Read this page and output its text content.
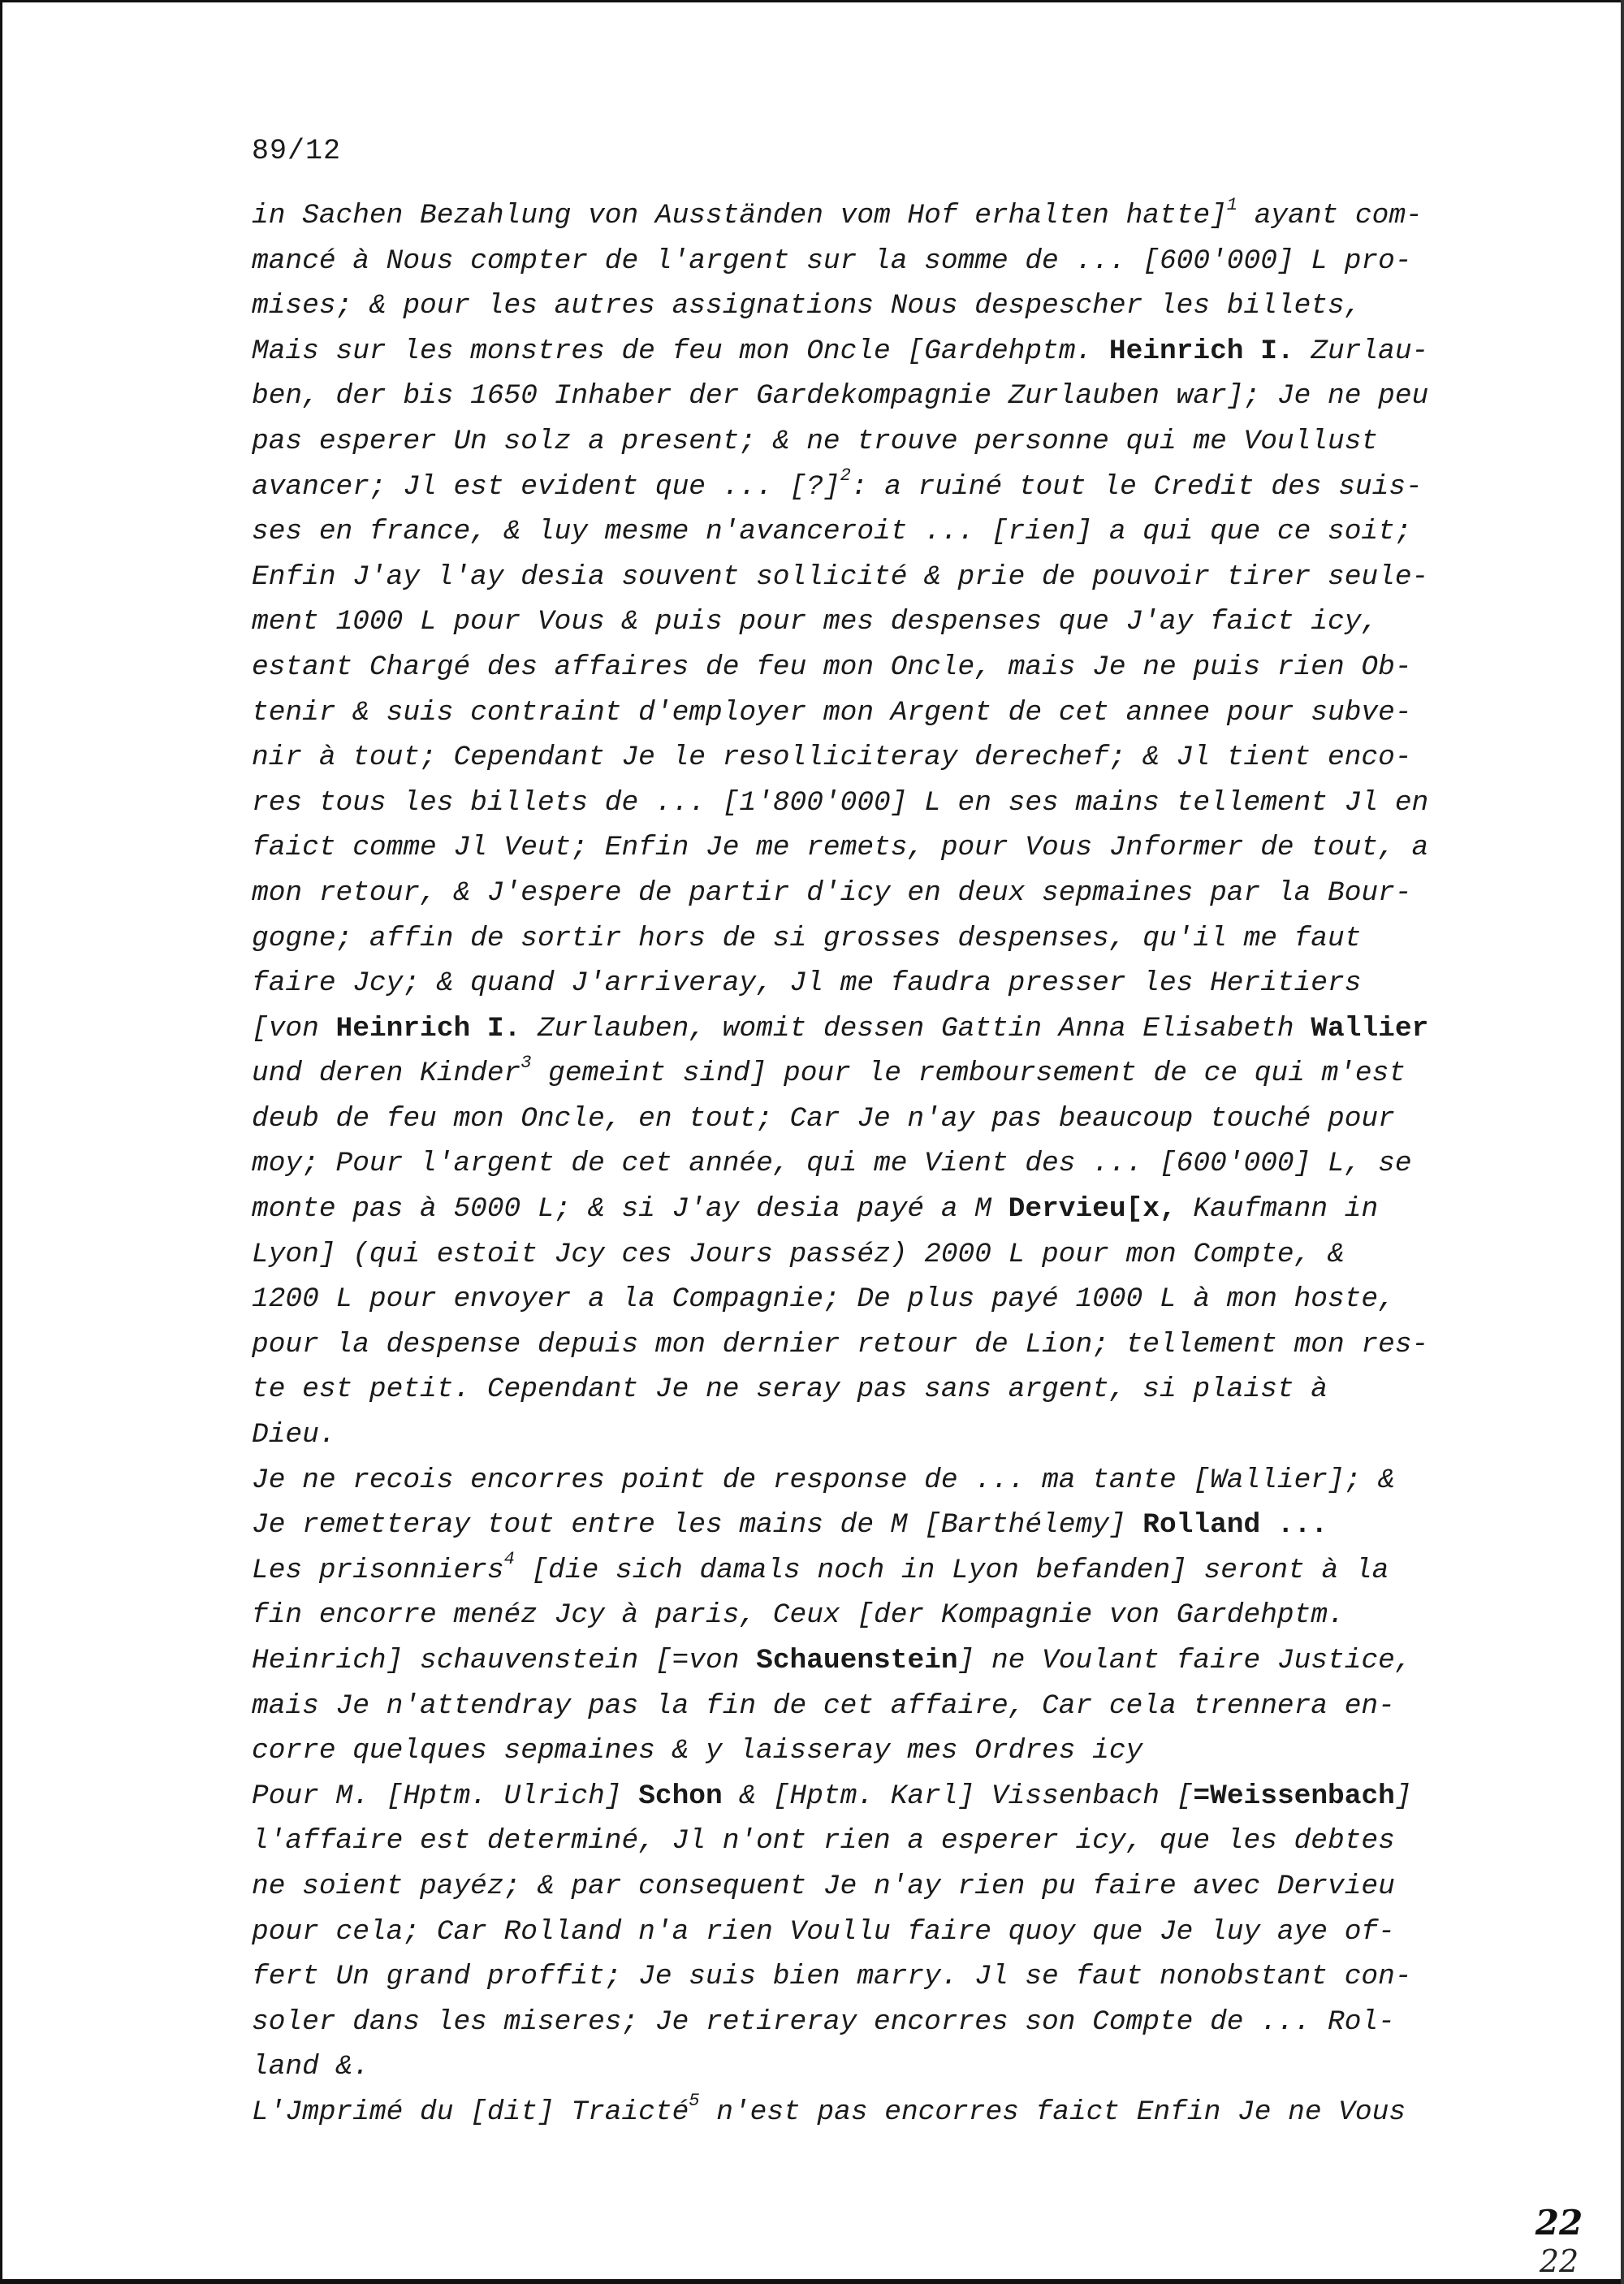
89/12
in Sachen Bezahlung von Ausständen vom Hof erhalten hatte]$^1$ ayant com-
mancé à Nous compter de l'argent sur la somme de ... [600'000] L pro-
mises; & pour les autres assignations Nous despescher les billets,
Mais sur les monstres de feu mon Oncle [Gardehptm. Heinrich I. Zurlau-
ben, der bis 1650 Inhaber der Gardekompagnie Zurlauben war]; Je ne peu
pas esperer Un solz a present; & ne trouve personne qui me Voullust
avancer; Jl est evident que ... [?]$^2$: a ruiné tout le Credit des suis-
ses en france, & luy mesme n'avanceroit ... [rien] a qui que ce soit;
Enfin J'ay l'ay desia souvent sollicité & prie de pouvoir tirer seule-
ment 1000 L pour Vous & puis pour mes despenses que J'ay faict icy,
estant Chargé des affaires de feu mon Oncle, mais Je ne puis rien Ob-
tenir & suis contraint d'employer mon Argent de cet annee pour subve-
nir à tout; Cependant Je le resolliciteray derechef; & Jl tient enco-
res tous les billets de ... [1'800'000] L en ses mains tellement Jl en
faict comme Jl Veut; Enfin Je me remets, pour Vous Jnformer de tout, a
mon retour, & J'espere de partir d'icy en deux sepmaines par la Bour-
gogne; affin de sortir hors de si grosses despenses, qu'il me faut
faire Jcy; & quand J'arriveray, Jl me faudra presser les Heritiers
[von Heinrich I. Zurlauben, womit dessen Gattin Anna Elisabeth Wallier
und deren Kinder$^3$ gemeint sind] pour le remboursement de ce qui m'est
deub de feu mon Oncle, en tout; Car Je n'ay pas beaucoup touché pour
moy; Pour l'argent de cet année, qui me Vient des ... [600'000] L, se
monte pas à 5000 L; & si J'ay desia payé a M Dervieu[x, Kaufmann in
Lyon] (qui estoit Jcy ces Jours passéz) 2000 L pour mon Compte, &
1200 L pour envoyer a la Compagnie; De plus payé 1000 L à mon hoste,
pour la despense depuis mon dernier retour de Lion; tellement mon res-
te est petit. Cependant Je ne seray pas sans argent, si plaist à
Dieu.
Je ne recois encorres point de response de ... ma tante [Wallier]; &
Je remetteray tout entre les mains de M [Barthélemy] Rolland ...
Les prisonniers$^4$ [die sich damals noch in Lyon befanden] seront à la
fin encorre menéz Jcy à paris, Ceux [der Kompagnie von Gardehptm.
Heinrich] schauvenstein [=von Schauenstein] ne Voulant faire Justice,
mais Je n'attendray pas la fin de cet affaire, Car cela trennera en-
corre quelques sepmaines & y laisseray mes Ordres icy
Pour M. [Hptm. Ulrich] Schon & [Hptm. Karl] Vissenbach [=Weissenbach]
l'affaire est determiné, Jl n'ont rien a esperer icy, que les debtes
ne soient payéz; & par consequent Je n'ay rien pu faire avec Dervieu
pour cela; Car Rolland n'a rien Voullu faire quoy que Je luy aye of-
fert Un grand proffit; Je suis bien marry. Jl se faut nonobstant con-
soler dans les miseres; Je retireray encorres son Compte de ... Rol-
land &.
L'Jmprimé du [dit] Traicté$^5$ n'est pas encorres faict Enfin Je ne Vous
22
22
